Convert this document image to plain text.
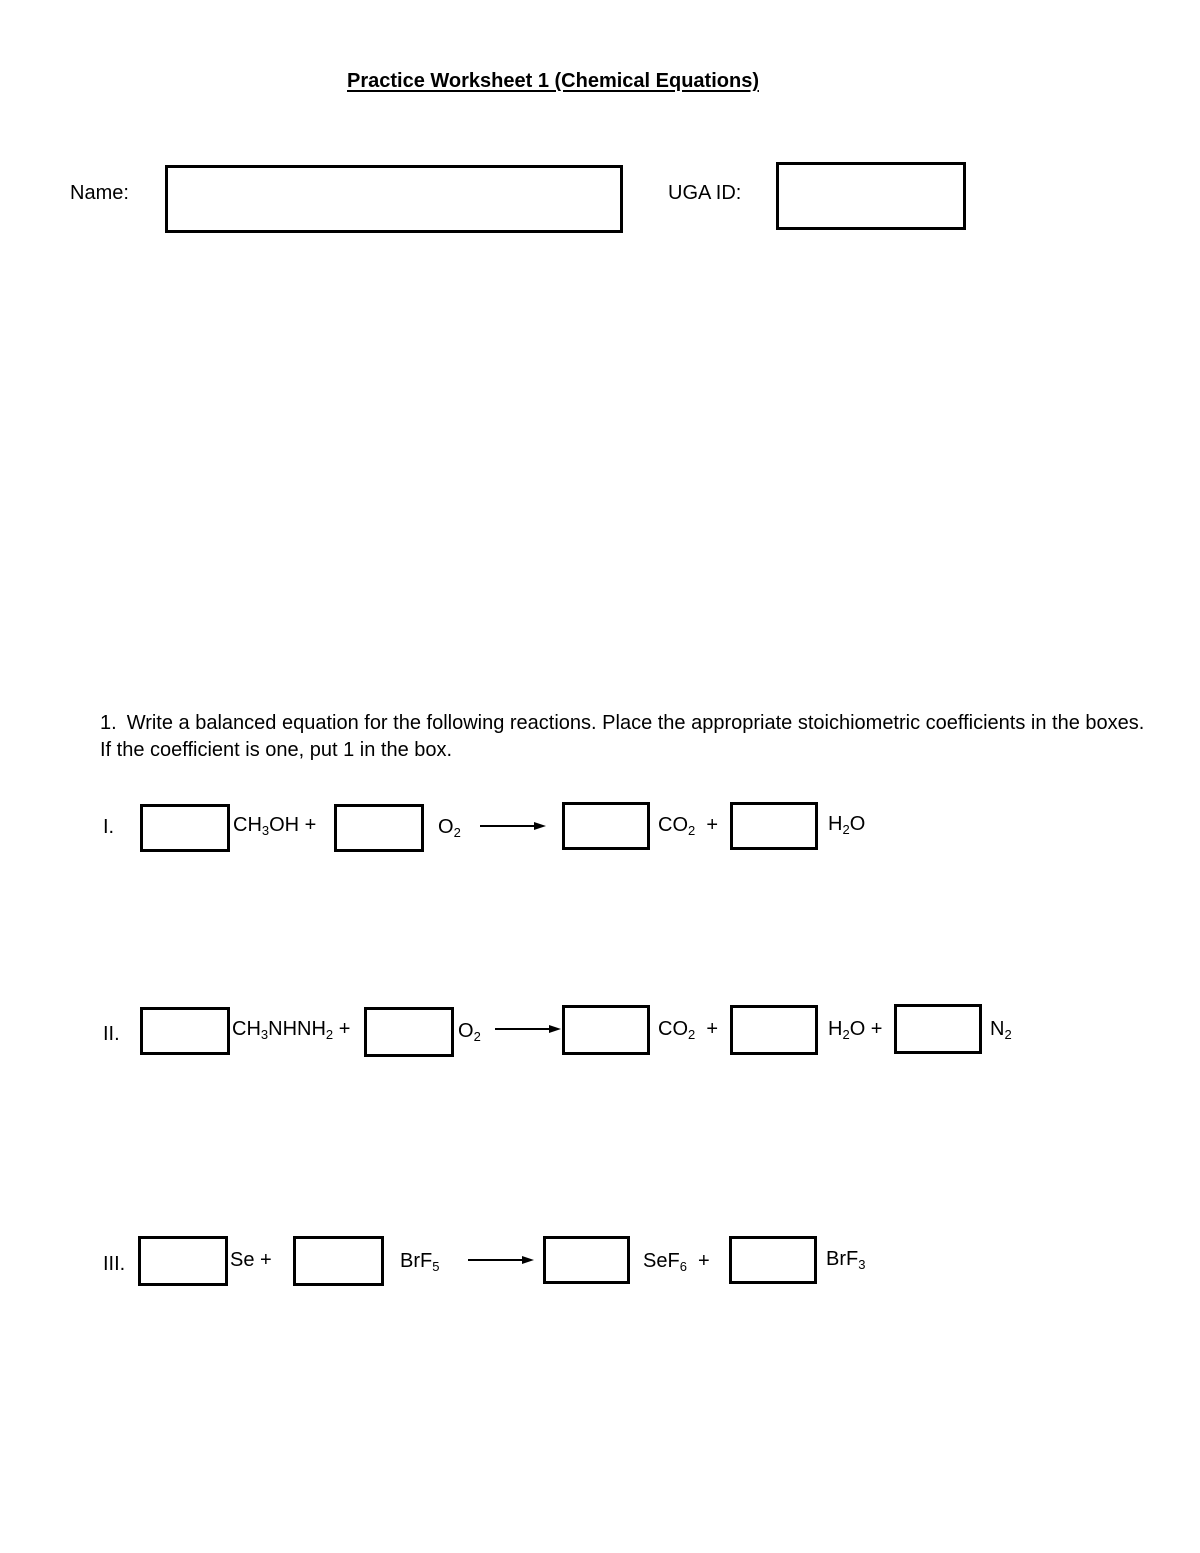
Practice Worksheet 1 (Chemical Equations)
Name:	UGA ID:
1. Write a balanced equation for the following reactions. Place the appropriate stoichiometric coefficients in the boxes. If the coefficient is one, put 1 in the box.
I.	$CH_3OH$ +	$O_2$	$CO_2$  +	$H_2O$
II.	$CH_3NHNH_2$ +	$O_2$	$CO_2$  +	$H_2O$ +	$N_2$
III.	Se +	BrF$_5$	SeF$_6$  +	BrF$_3$
